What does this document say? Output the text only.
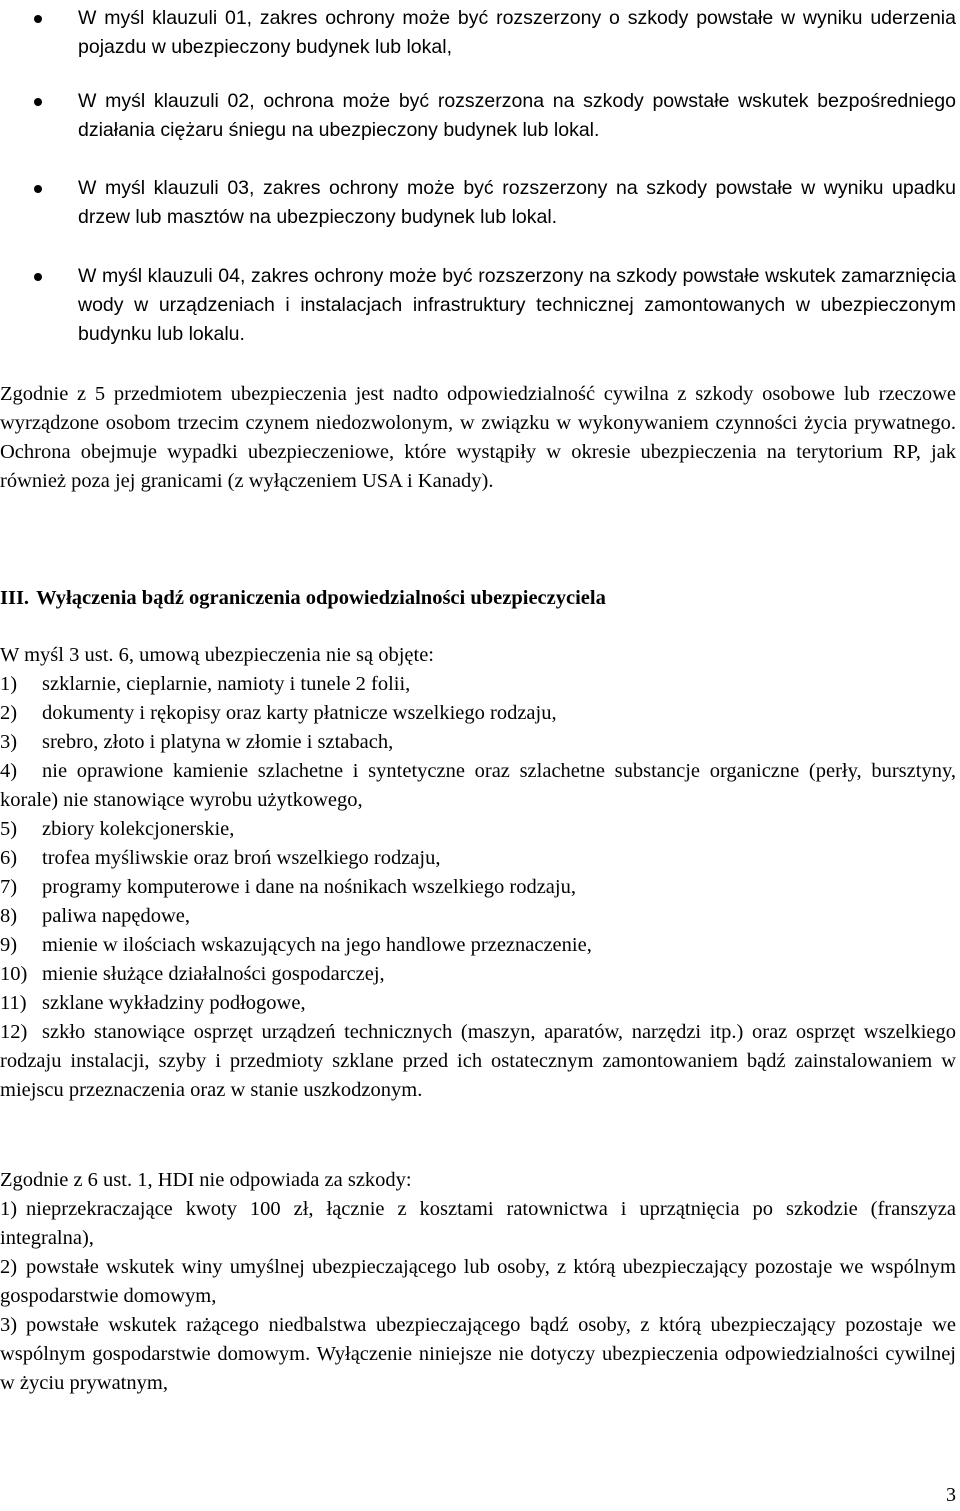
W myśl klauzuli 01, zakres ochrony może być rozszerzony o szkody powstałe w wyniku uderzenia pojazdu w ubezpieczony budynek lub lokal,
W myśl klauzuli 02, ochrona może być rozszerzona na szkody powstałe wskutek bezpośredniego działania ciężaru śniegu na ubezpieczony budynek lub lokal.
W myśl klauzuli 03, zakres ochrony może być rozszerzony na szkody powstałe w wyniku upadku drzew lub masztów na ubezpieczony budynek lub lokal.
W myśl klauzuli 04, zakres ochrony może być rozszerzony na szkody powstałe wskutek zamarznięcia wody w urządzeniach i instalacjach infrastruktury technicznej zamontowanych w ubezpieczonym budynku lub lokalu.
Zgodnie z 5 przedmiotem ubezpieczenia jest nadto odpowiedzialność cywilna z szkody osobowe lub rzeczowe wyrządzone osobom trzecim czynem niedozwolonym, w związku w wykonywaniem czynności życia prywatnego. Ochrona obejmuje wypadki ubezpieczeniowe, które wystąpiły w okresie ubezpieczenia na terytorium RP, jak również poza jej granicami (z wyłączeniem USA i Kanady).
III. Wyłączenia bądź ograniczenia odpowiedzialności ubezpieczyciela
W myśl 3 ust. 6, umową ubezpieczenia nie są objęte:
1) szklarnie, cieplarnie, namioty i tunele 2 folii,
2) dokumenty i rękopisy oraz karty płatnicze wszelkiego rodzaju,
3) srebro, złoto i platyna w złomie i sztabach,
4) nie oprawione kamienie szlachetne i syntetyczne oraz szlachetne substancje organiczne (perły, bursztyny, korale) nie stanowiące wyrobu użytkowego,
5) zbiory kolekcjonerskie,
6) trofea myśliwskie oraz broń wszelkiego rodzaju,
7) programy komputerowe i dane na nośnikach wszelkiego rodzaju,
8) paliwa napędowe,
9) mienie w ilościach wskazujących na jego handlowe przeznaczenie,
10) mienie służące działalności gospodarczej,
11) szklane wykładziny podłogowe,
12) szkło stanowiące osprzęt urządzeń technicznych (maszyn, aparatów, narzędzi itp.) oraz osprzęt wszelkiego rodzaju instalacji, szyby i przedmioty szklane przed ich ostatecznym zamontowaniem bądź zainstalowaniem w miejscu przeznaczenia oraz w stanie uszkodzonym.
Zgodnie z 6 ust. 1, HDI nie odpowiada za szkody:
1) nieprzekraczające kwoty 100 zł, łącznie z kosztami ratownictwa i uprzątnięcia po szkodzie (franszyza integralna),
2) powstałe wskutek winy umyślnej ubezpieczającego lub osoby, z którą ubezpieczający pozostaje we wspólnym gospodarstwie domowym,
3) powstałe wskutek rażącego niedbalstwa ubezpieczającego bądź osoby, z którą ubezpieczający pozostaje we wspólnym gospodarstwie domowym. Wyłączenie niniejsze nie dotyczy ubezpieczenia odpowiedzialności cywilnej w życiu prywatnym,
3
